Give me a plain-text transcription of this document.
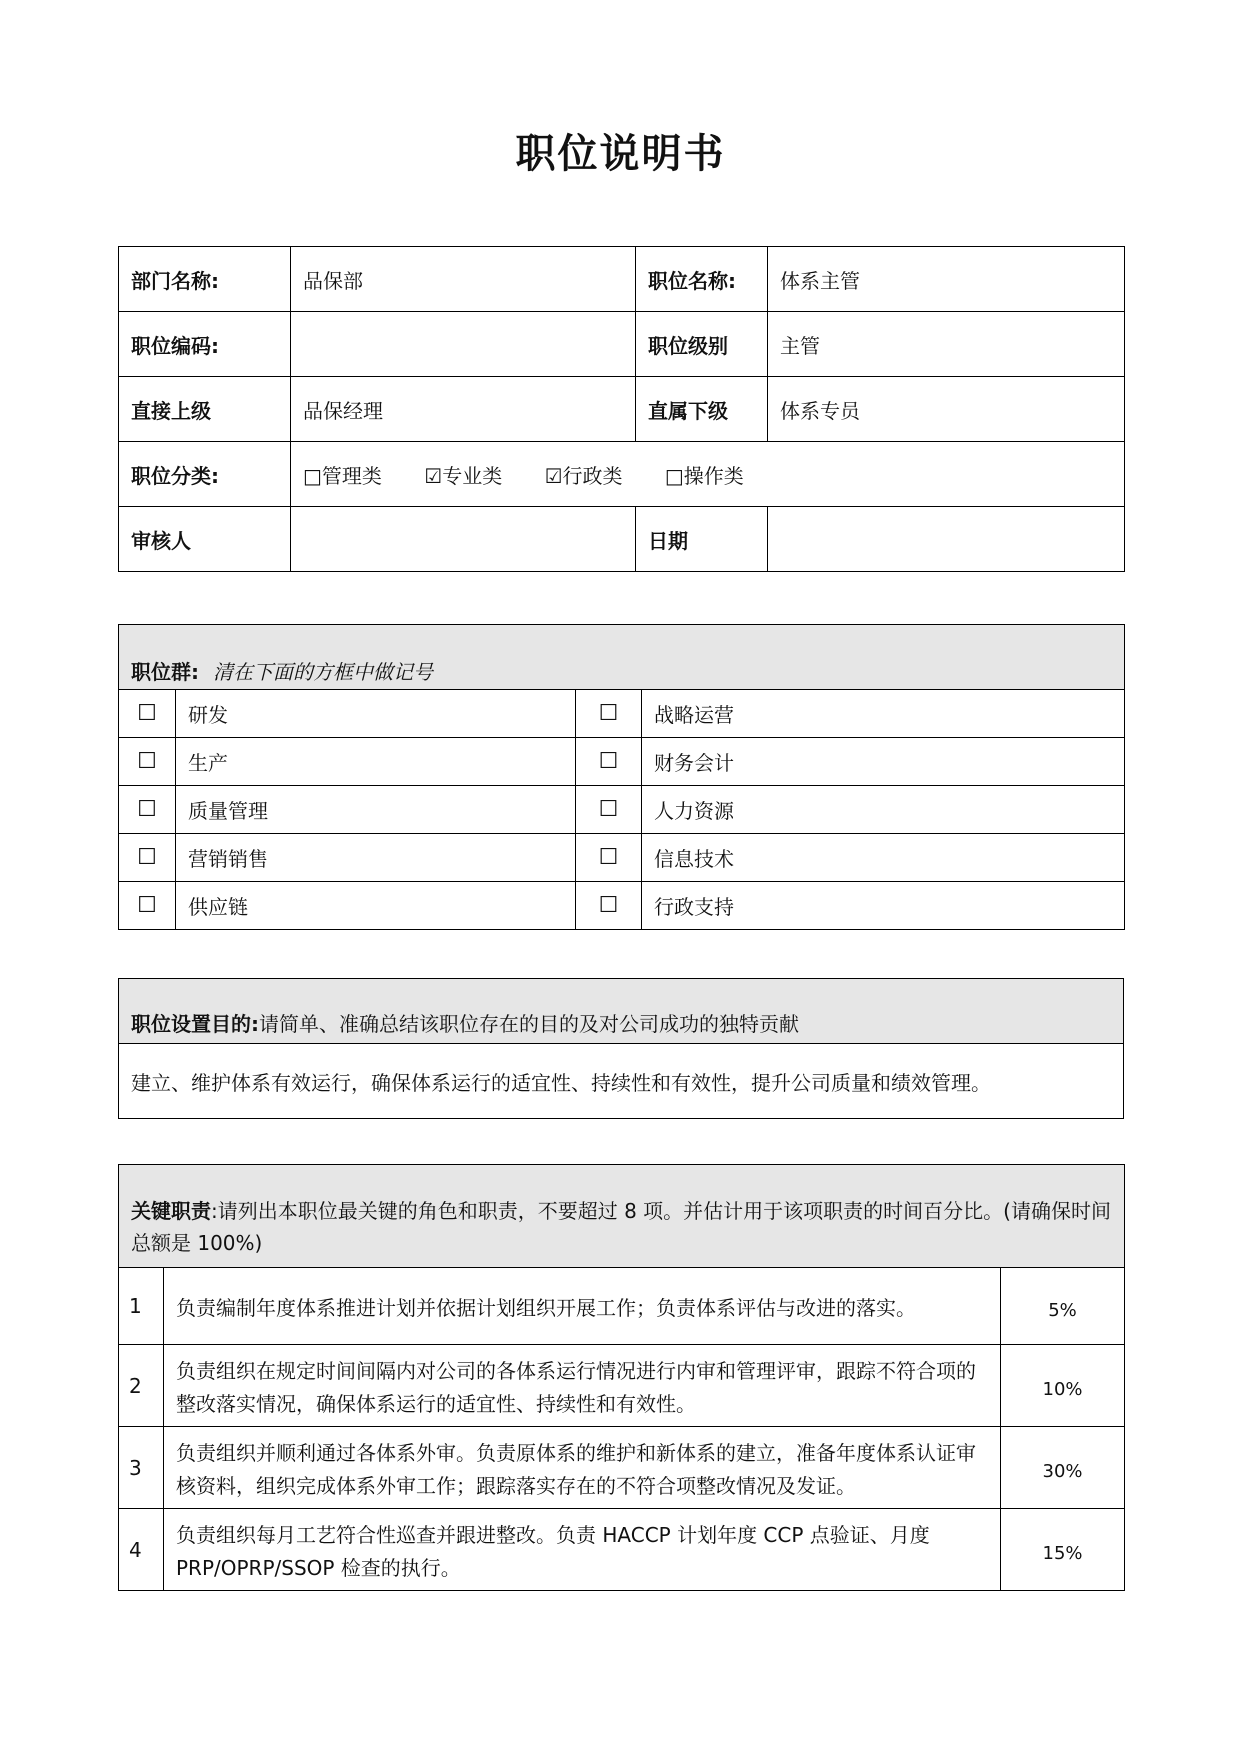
职位说明书
部门名称:	品保部	职位名称:	体系主管
职位编码:		职位级别	主管
直接上级	品保经理	直属下级	体系专员
职位分类:	□管理类 ☑专业类 ☑行政类 □操作类		
审核人		日期	
职位群: 清在下面的方框中做记号			
☐	研发	☐	战略运营
☐	生产	☐	财务会计
☐	质量管理	☐	人力资源
☐	营销销售	☐	信息技术
☐	供应链	☐	行政支持
职位设置目的:请简单、准确总结该职位存在的目的及对公司成功的独特贡献
建立、维护体系有效运行，确保体系运行的适宜性、持续性和有效性，提升公司质量和绩效管理。
关键职责:请列出本职位最关键的角色和职责，不要超过 8 项。并估计用于该项职责的时间百分比。(请确保时间总额是 100%)		
1	负责编制年度体系推进计划并依据计划组织开展工作；负责体系评估与改进的落实。	5%
2	负责组织在规定时间间隔内对公司的各体系运行情况进行内审和管理评审，跟踪不符合项的整改落实情况，确保体系运行的适宜性、持续性和有效性。	10%
3	负责组织并顺利通过各体系外审。负责原体系的维护和新体系的建立，准备年度体系认证审核资料，组织完成体系外审工作；跟踪落实存在的不符合项整改情况及发证。	30%
4	负责组织每月工艺符合性巡查并跟进整改。负责 HACCP 计划年度 CCP 点验证、月度 PRP/OPRP/SSOP 检查的执行。	15%
